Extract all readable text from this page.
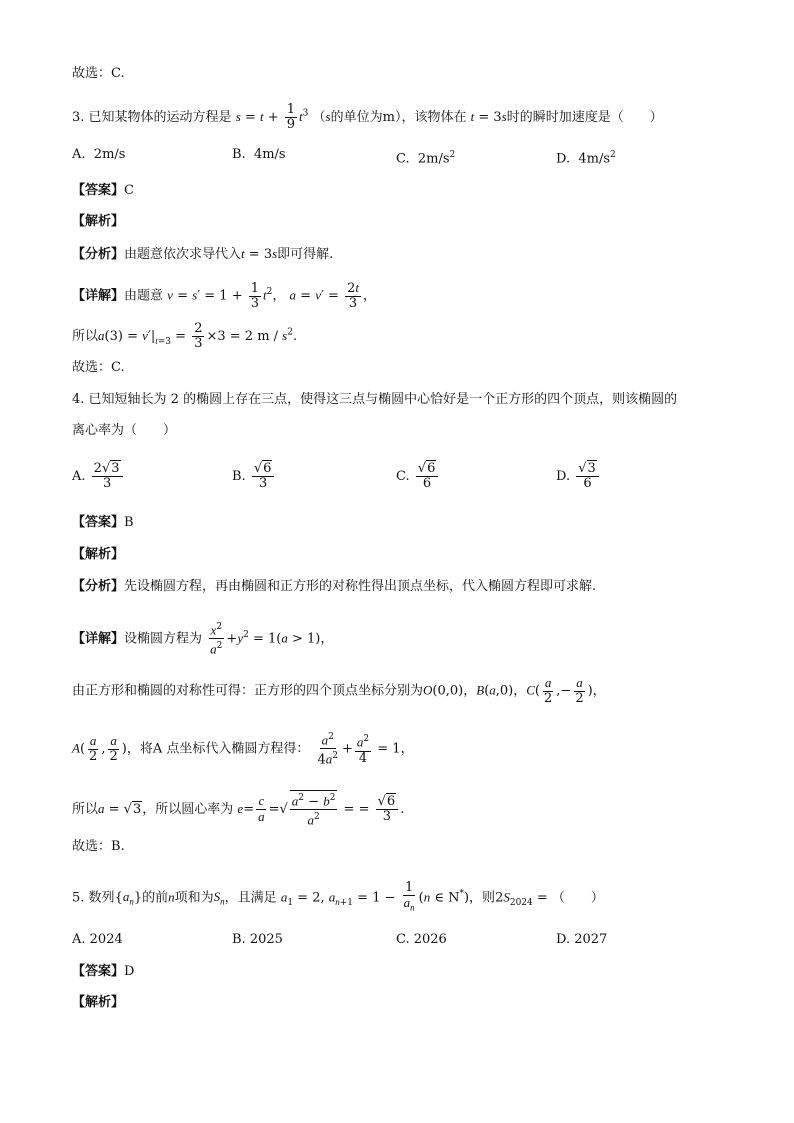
故选：C.
3. 已知某物体的运动方程是 $s = t + \frac{1}{9} t^3$ （s的单位为m），该物体在 t = 3s时的瞬时加速度是（　　）
A. 2m/s	B. 4m/s	C. $2m/s^2$	D. $4m/s^2$
【答案】C
【解析】
【分析】由题意依次求导代入t = 3s即可得解.
【详解】由题意 $v = s' = 1 + \frac{1}{3} t^2$， $a = v' = \frac{2t}{3}$ ，
所以$a(3) = v'|_{t=3} = \frac{2}{3} \times 3 = 2$ m / $s^2$.
故选：C.
4. 已知短轴长为 2 的椭圆上存在三点，使得这三点与椭圆中心恰好是一个正方形的四个顶点，则该椭圆的
离心率为（　　）
A. $\frac{2√3}{3}$	B. $\frac{√6}{3}$	C. $\frac{√6}{6}$	D. $\frac{√3}{6}$
【答案】B
【解析】
【分析】先设椭圆方程，再由椭圆和正方形的对称性得出顶点坐标，代入椭圆方程即可求解.
【详解】设椭圆方程为 $\frac{x^2}{a^2} +y^2 = 1(a > 1)$，
由正方形和椭圆的对称性可得：正方形的四个顶点坐标分别为O(0,0)，B(a,0)，$C( \frac{a}{2}$ ,− $\frac{a}{2}$ )，
$A( \frac{a}{2}$ , $\frac{a}{2}$ )，将A 点坐标代入椭圆方程得： $\frac{a^2}{4a^2} + \frac{a^2}{4} = 1$，
所以a = √3，所以圆心率为 $e= \frac{c}{a}$ =√ $\frac{a^2 - b^2}{a^2}$ = = $\frac{√6}{3}$ .
故选：B.
5. 数列$\{a_n\}$的前n项和为$S_n$，且满足 $a_1 = 2$, $a_{n+1} = 1 - \frac{1}{a_n} (n$ ∈ N*)，则$2S_{2024}$ = （　　）
A. 2024	B. 2025	C. 2026	D. 2027
【答案】D
【解析】
